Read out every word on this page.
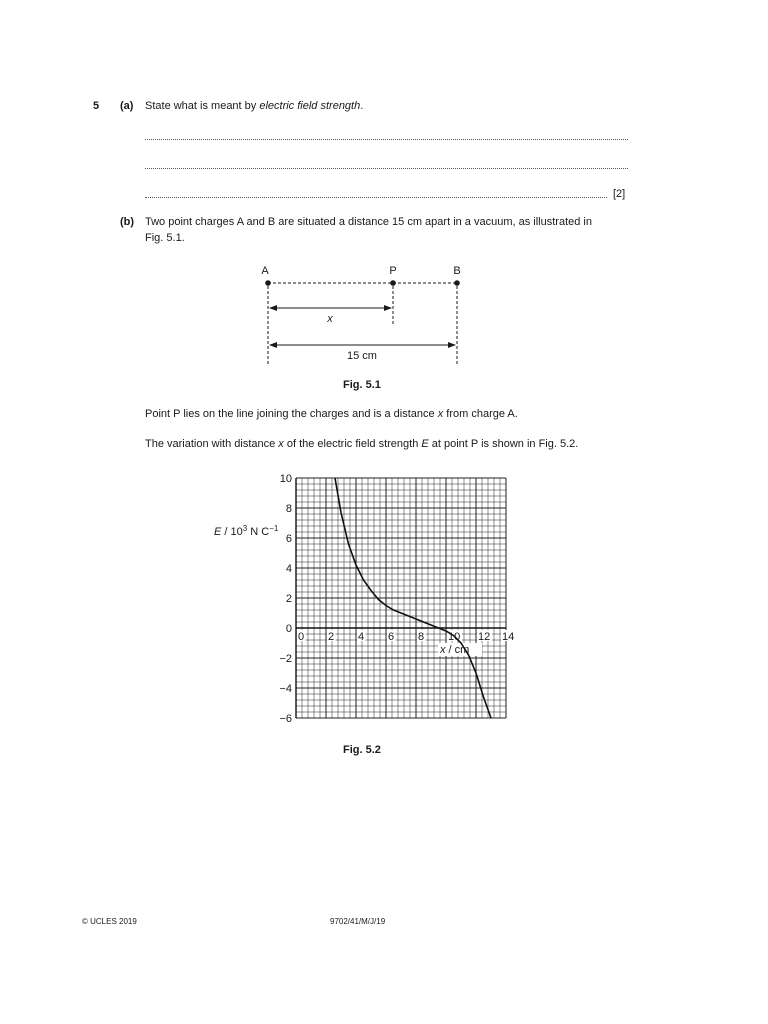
5 (a) State what is meant by electric field strength.
[2]
(b) Two point charges A and B are situated a distance 15 cm apart in a vacuum, as illustrated in
Fig. 5.1.
A	P	B
x
15 cm
Fig. 5.1
Point P lies on the line joining the charges and is a distance x from charge A.
The variation with distance x of the electric field strength E at point P is shown in Fig. 5.2.
10
8
6
4
2
0
−2
−4
−6
0 2 4 6 8 10 12 14
E / $10^3$ N $C^{-1}$
x / cm
Fig. 5.2
© UCLES 2019	9702/41/M/J/19
